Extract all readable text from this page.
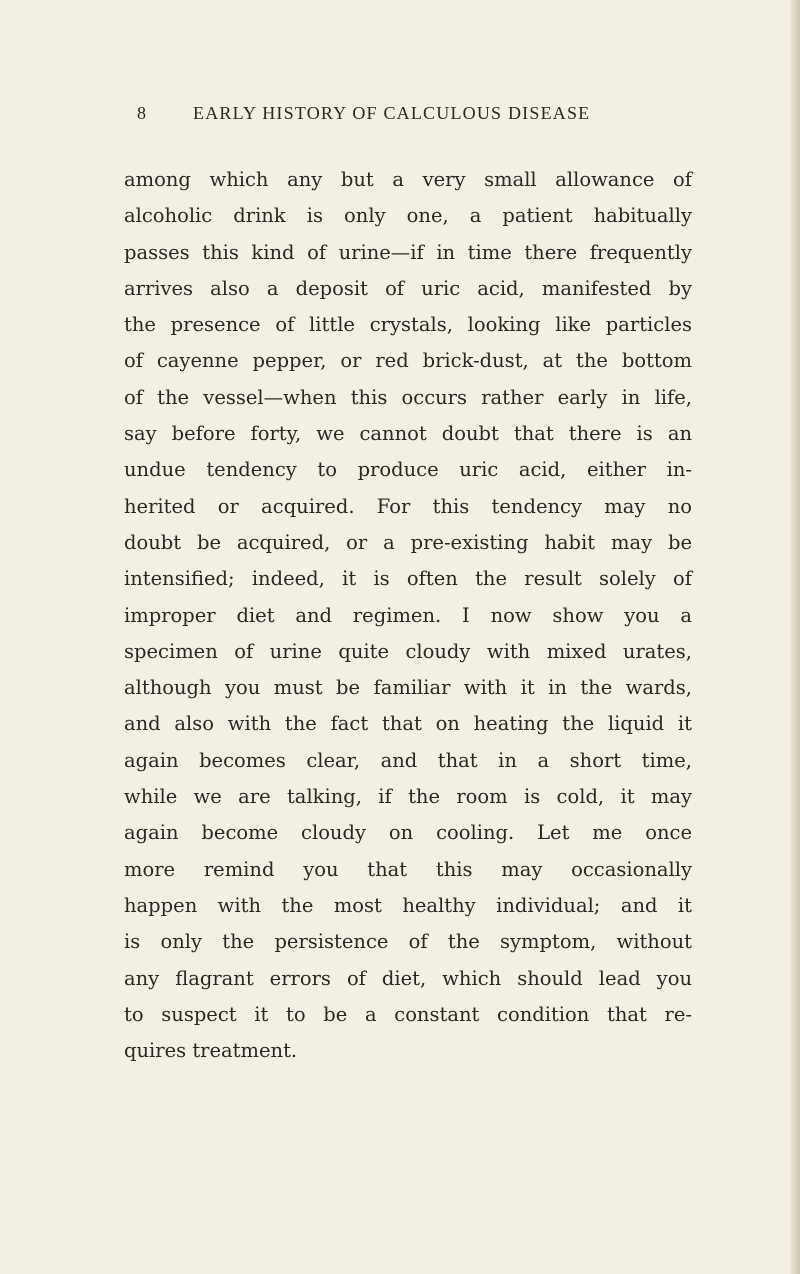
8	EARLY HISTORY OF CALCULOUS DISEASE
among which any but a very small allowance of
alcoholic drink is only one, a patient habitually
passes this kind of urine—if in time there frequently
arrives also a deposit of uric acid, manifested by
the presence of little crystals, looking like particles
of cayenne pepper, or red brick-dust, at the bottom
of the vessel—when this occurs rather early in life,
say before forty, we cannot doubt that there is an
undue tendency to produce uric acid, either in-
herited or acquired. For this tendency may no
doubt be acquired, or a pre-existing habit may be
intensified; indeed, it is often the result solely of
improper diet and regimen. I now show you a
specimen of urine quite cloudy with mixed urates,
although you must be familiar with it in the wards,
and also with the fact that on heating the liquid it
again becomes clear, and that in a short time,
while we are talking, if the room is cold, it may
again become cloudy on cooling. Let me once
more remind you that this may occasionally
happen with the most healthy individual; and it
is only the persistence of the symptom, without
any flagrant errors of diet, which should lead you
to suspect it to be a constant condition that re-
quires treatment.
